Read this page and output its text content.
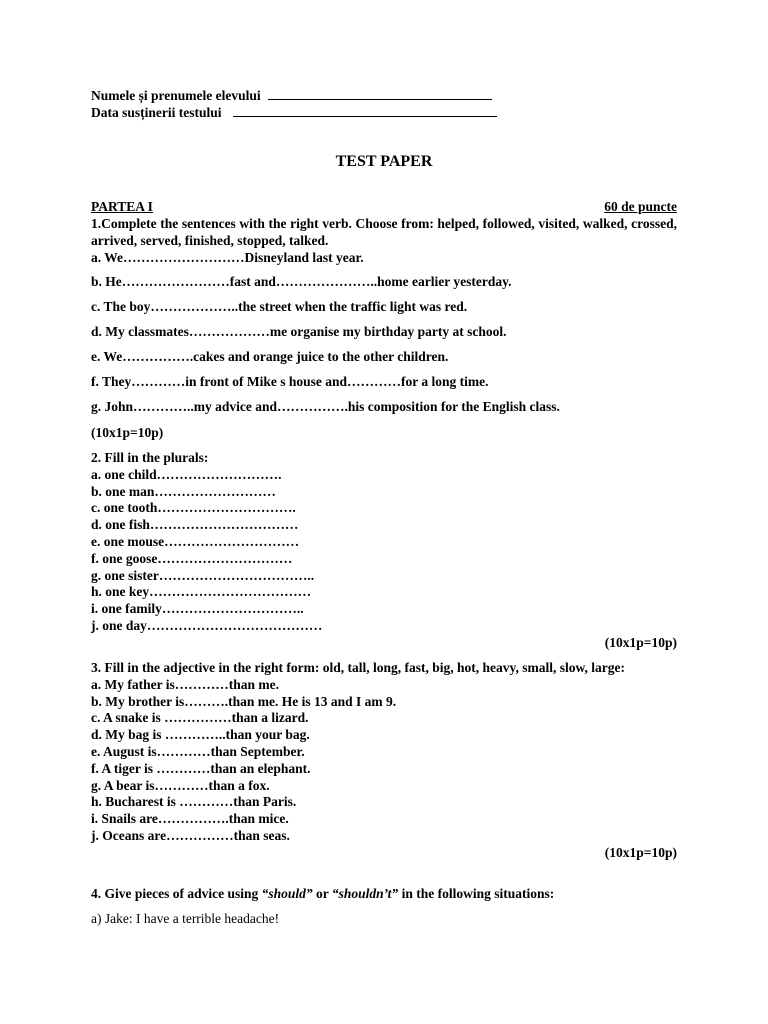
Numele și prenumele elevului
Data susținerii testului
TEST PAPER
PARTEA I	60 de puncte
1.Complete the sentences with the right verb. Choose from: helped, followed, visited, walked, crossed, arrived, served, finished, stopped, talked.
a. We………………………Disneyland last year.
b. He……………………fast and…………………..home earlier yesterday.
c. The boy………………..the street when the traffic light was red.
d. My classmates………………me organise my birthday party at school.
e. We…………….cakes and orange juice to the other children.
f. They…………in front of Mike s house and…………for a long time.
g. John…………..my advice and…………….his composition for the English class.
(10x1p=10p)
2. Fill in the plurals:
a. one child……………………….
b. one man………………………
c. one tooth………………………….
d. one fish……………………………
e. one mouse…………………………
f. one goose…………………………
g. one sister……………………………..
h. one key………………………………
i. one family…………………………..
j. one day…………………………………
(10x1p=10p)
3. Fill in the adjective in the right form: old, tall, long, fast, big, hot, heavy, small, slow, large:
a. My father is…………than me.
b. My brother is……….than me. He is 13 and I am 9.
c. A snake is ……………than a lizard.
d. My bag is …………..than your bag.
e. August is…………than September.
f. A tiger is …………than an elephant.
g. A bear is…………than a fox.
h. Bucharest is …………than Paris.
i. Snails are…………….than mice.
j. Oceans are……………than seas.
(10x1p=10p)
4. Give pieces of advice using “should” or “shouldn’t” in the following situations:
a) Jake: I have a terrible headache!
